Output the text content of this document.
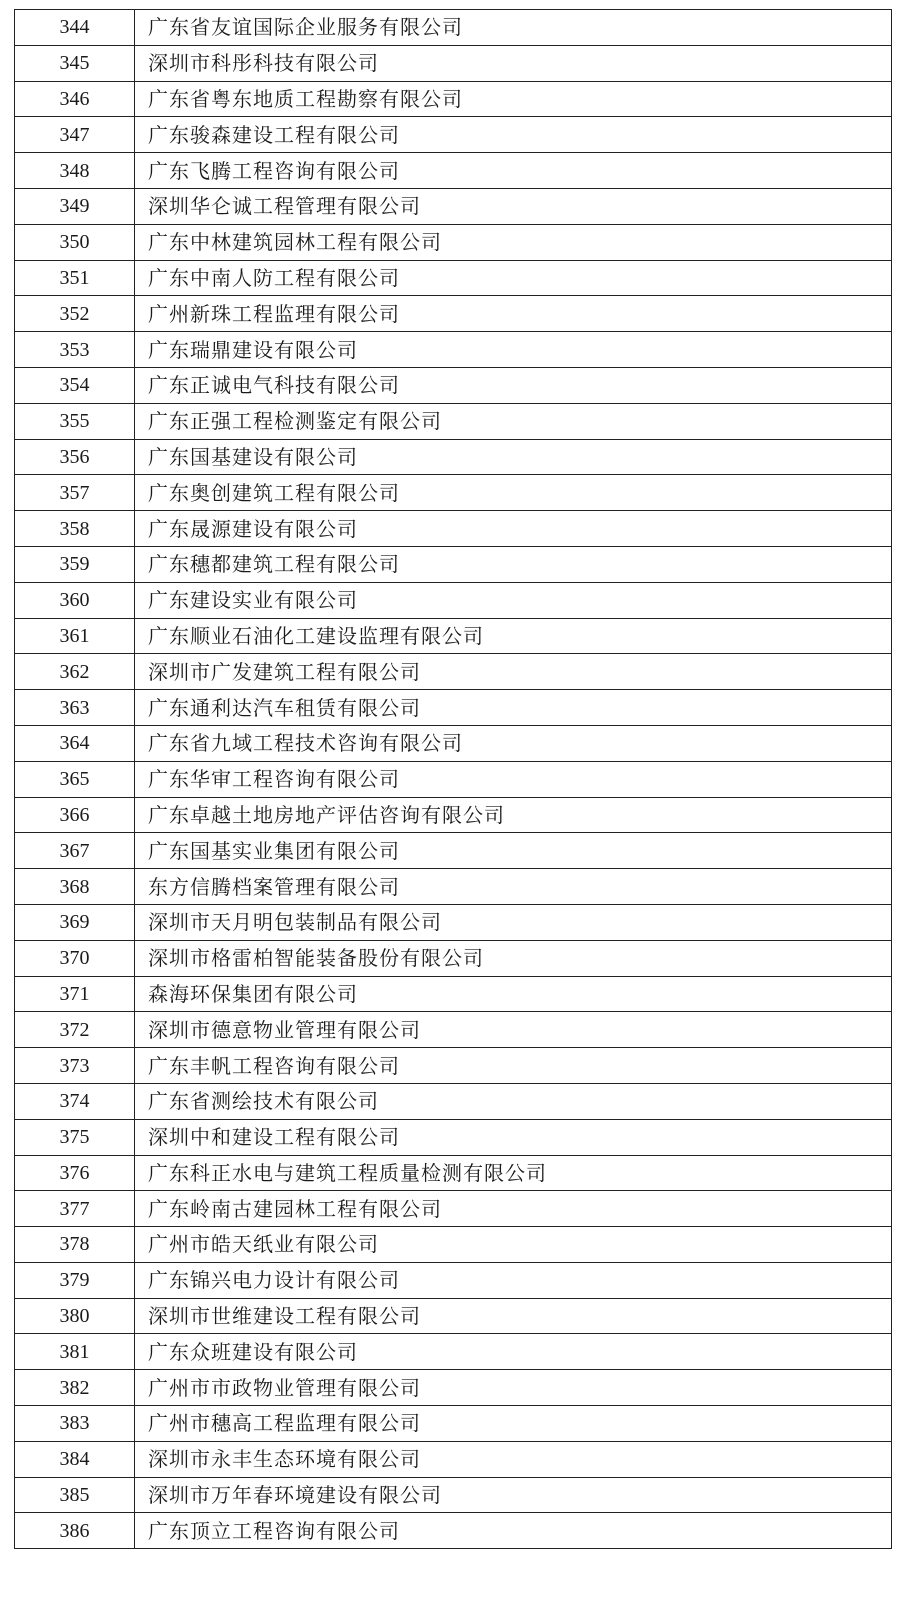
344	广东省友谊国际企业服务有限公司
345	深圳市科彤科技有限公司
346	广东省粤东地质工程勘察有限公司
347	广东骏森建设工程有限公司
348	广东飞腾工程咨询有限公司
349	深圳华仑诚工程管理有限公司
350	广东中林建筑园林工程有限公司
351	广东中南人防工程有限公司
352	广州新珠工程监理有限公司
353	广东瑞鼎建设有限公司
354	广东正诚电气科技有限公司
355	广东正强工程检测鉴定有限公司
356	广东国基建设有限公司
357	广东奥创建筑工程有限公司
358	广东晟源建设有限公司
359	广东穗都建筑工程有限公司
360	广东建设实业有限公司
361	广东顺业石油化工建设监理有限公司
362	深圳市广发建筑工程有限公司
363	广东通利达汽车租赁有限公司
364	广东省九域工程技术咨询有限公司
365	广东华审工程咨询有限公司
366	广东卓越土地房地产评估咨询有限公司
367	广东国基实业集团有限公司
368	东方信腾档案管理有限公司
369	深圳市天月明包装制品有限公司
370	深圳市格雷柏智能装备股份有限公司
371	森海环保集团有限公司
372	深圳市德意物业管理有限公司
373	广东丰帆工程咨询有限公司
374	广东省测绘技术有限公司
375	深圳中和建设工程有限公司
376	广东科正水电与建筑工程质量检测有限公司
377	广东岭南古建园林工程有限公司
378	广州市皓天纸业有限公司
379	广东锦兴电力设计有限公司
380	深圳市世维建设工程有限公司
381	广东众班建设有限公司
382	广州市市政物业管理有限公司
383	广州市穗高工程监理有限公司
384	深圳市永丰生态环境有限公司
385	深圳市万年春环境建设有限公司
386	广东顶立工程咨询有限公司
